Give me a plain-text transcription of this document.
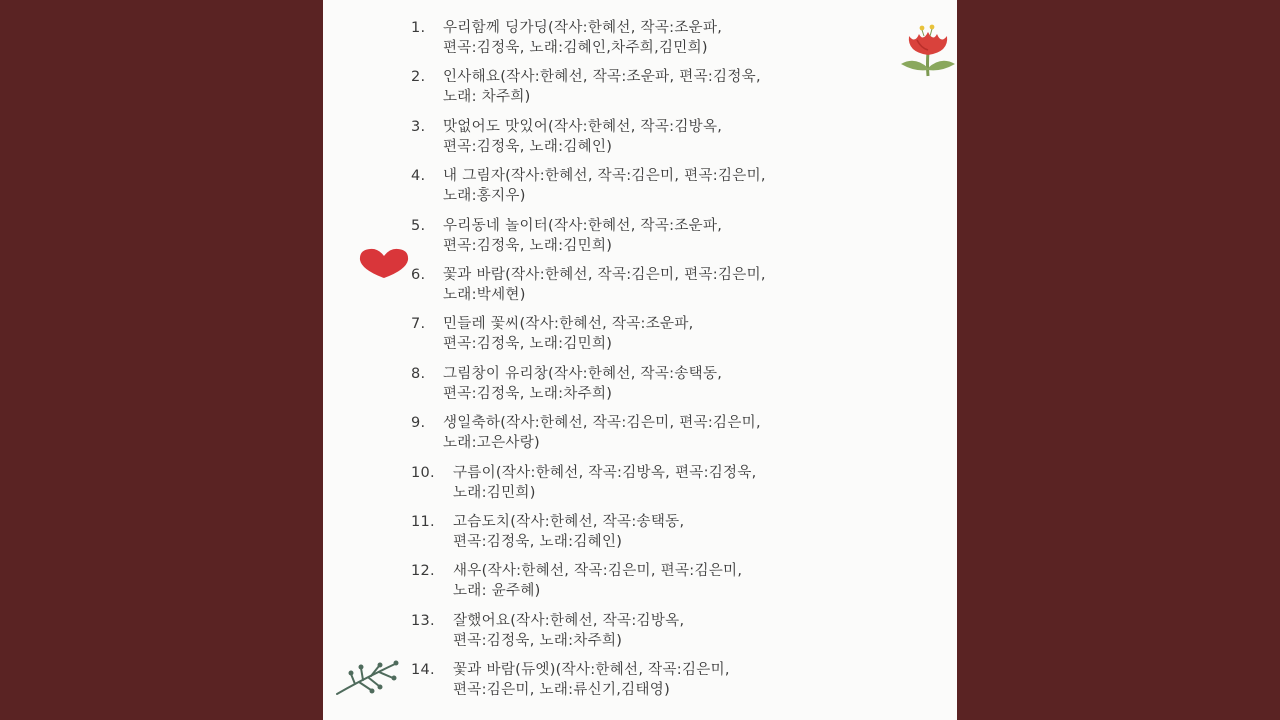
1.	우리함께 딩가딩(작사:한혜선, 작곡:조운파,
편곡:김정욱, 노래:김혜인,차주희,김민희)
2.	인사해요(작사:한혜선, 작곡:조운파, 편곡:김정욱,
노래: 차주희)
3.	맛없어도 맛있어(작사:한혜선, 작곡:김방옥,
편곡:김정욱, 노래:김혜인)
4.	내 그림자(작사:한혜선, 작곡:김은미, 편곡:김은미,
노래:홍지우)
5.	우리동네 놀이터(작사:한혜선, 작곡:조운파,
편곡:김정욱, 노래:김민희)
6.	꽃과 바람(작사:한혜선, 작곡:김은미, 편곡:김은미,
노래:박세현)
7.	민들레 꽃씨(작사:한혜선, 작곡:조운파,
편곡:김정욱, 노래:김민희)
8.	그림창이 유리창(작사:한혜선, 작곡:송택동,
편곡:김정욱, 노래:차주희)
9.	생일축하(작사:한혜선, 작곡:김은미, 편곡:김은미,
노래:고은사랑)
10.	구름이(작사:한혜선, 작곡:김방옥, 편곡:김정욱,
노래:김민희)
11.	고슴도치(작사:한혜선, 작곡:송택동,
편곡:김정욱, 노래:김혜인)
12.	새우(작사:한혜선, 작곡:김은미, 편곡:김은미,
노래: 윤주혜)
13.	잘했어요(작사:한혜선, 작곡:김방옥,
편곡:김정욱, 노래:차주희)
14.	꽃과 바람(듀엣)(작사:한혜선, 작곡:김은미,
편곡:김은미, 노래:류신기,김태영)
